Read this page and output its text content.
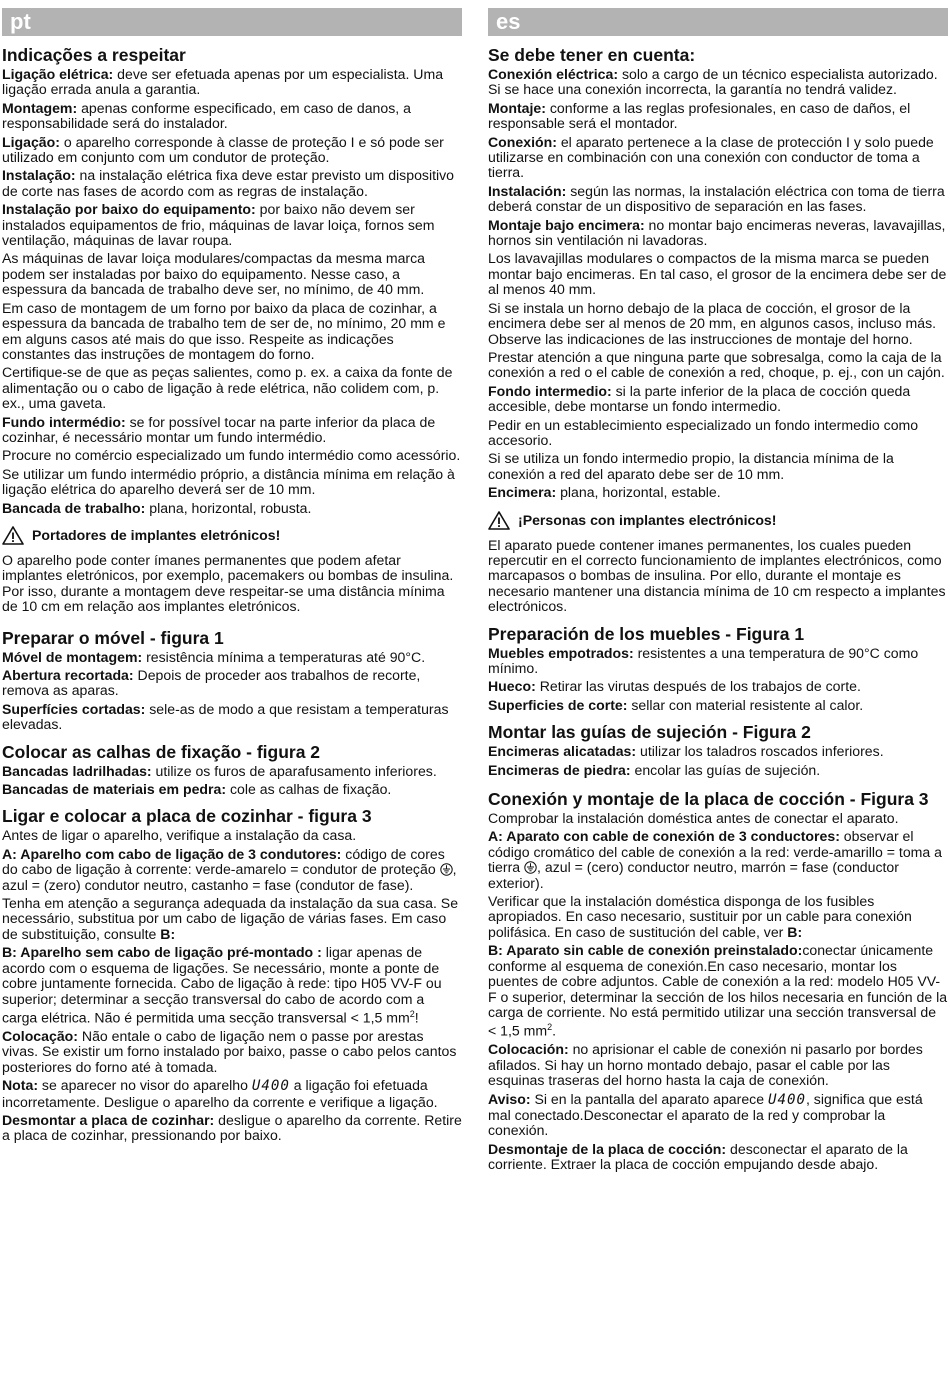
pt
Indicações a respeitar

Ligação elétrica: deve ser efetuada apenas por um especialista. Uma ligação errada anula a garantia.

Montagem: apenas conforme especificado, em caso de danos, a responsabilidade será do instalador.

Ligação: o aparelho corresponde à classe de proteção I e só pode ser utilizado em conjunto com um condutor de proteção.

Instalação: na instalação elétrica fixa deve estar previsto um dispositivo de corte nas fases de acordo com as regras de instalação.

Instalação por baixo do equipamento: por baixo não devem ser instalados equipamentos de frio, máquinas de lavar loiça, fornos sem ventilação, máquinas de lavar roupa.

As máquinas de lavar loiça modulares/compactas da mesma marca podem ser instaladas por baixo do equipamento. Nesse caso, a espessura da bancada de trabalho deve ser, no mínimo, de 40 mm.

Em caso de montagem de um forno por baixo da placa de cozinhar, a espessura da bancada de trabalho tem de ser de, no mínimo, 20 mm e em alguns casos até mais do que isso. Respeite as indicações constantes das instruções de montagem do forno.

Certifique-se de que as peças salientes, como p. ex. a caixa da fonte de alimentação ou o cabo de ligação à rede elétrica, não colidem com, p. ex., uma gaveta.

Fundo intermédio: se for possível tocar na parte inferior da placa de cozinhar, é necessário montar um fundo intermédio.

Procure no comércio especializado um fundo intermédio como acessório.

Se utilizar um fundo intermédio próprio, a distância mínima em relação à ligação elétrica do aparelho deverá ser de 10 mm.

Bancada de trabalho: plana, horizontal, robusta.

Portadores de implantes eletrónicos!

O aparelho pode conter ímanes permanentes que podem afetar implantes eletrónicos, por exemplo, pacemakers ou bombas de insulina. Por isso, durante a montagem deve respeitar-se uma distância mínima de 10 cm em relação aos implantes eletrónicos.

Preparar o móvel - figura 1

Móvel de montagem: resistência mínima a temperaturas até 90°C.

Abertura recortada: Depois de proceder aos trabalhos de recorte, remova as aparas.

Superfícies cortadas: sele-as de modo a que resistam a temperaturas elevadas.

Colocar as calhas de fixação - figura 2

Bancadas ladrilhadas: utilize os furos de aparafusamento inferiores.

Bancadas de materiais em pedra: cole as calhas de fixação.

Ligar e colocar a placa de cozinhar - figura 3

Antes de ligar o aparelho, verifique a instalação da casa.

A: Aparelho com cabo de ligação de 3 condutores: código de cores do cabo de ligação à corrente: verde-amarelo = condutor de proteção , azul = (zero) condutor neutro, castanho = fase (condutor de fase).

Tenha em atenção a segurança adequada da instalação da sua casa. Se necessário, substitua por um cabo de ligação de várias fases. Em caso de substituição, consulte B:

B: Aparelho sem cabo de ligação pré-montado : ligar apenas de acordo com o esquema de ligações. Se necessário, monte a ponte de cobre juntamente fornecida. Cabo de ligação à rede: tipo H05 VV-F ou superior; determinar a secção transversal do cabo de acordo com a carga elétrica. Não é permitida uma secção transversal < 1,5 $mm^2$!

Colocação: Não entale o cabo de ligação nem o passe por arestas vivas. Se existir um forno instalado por baixo, passe o cabo pelos cantos posteriores do forno até à tomada.

Nota: se aparecer no visor do aparelho U400 a ligação foi efetuada incorretamente. Desligue o aparelho da corrente e verifique a ligação.

Desmontar a placa de cozinhar: desligue o aparelho da corrente. Retire a placa de cozinhar, pressionando por baixo.

es
Se debe tener en cuenta:

Conexión eléctrica: solo a cargo de un técnico especialista autorizado. Si se hace una conexión incorrecta, la garantía no tendrá validez.

Montaje: conforme a las reglas profesionales, en caso de daños, el responsable será el montador.

Conexión: el aparato pertenece a la clase de protección I y solo puede utilizarse en combinación con una conexión con conductor de toma a tierra.

Instalación: según las normas, la instalación eléctrica con toma de tierra deberá constar de un dispositivo de separación en las fases.

Montaje bajo encimera: no montar bajo encimeras neveras, lavavajillas, hornos sin ventilación ni lavadoras.

Los lavavajillas modulares o compactos de la misma marca se pueden montar bajo encimeras. En tal caso, el grosor de la encimera debe ser de al menos 40 mm.

Si se instala un horno debajo de la placa de cocción, el grosor de la encimera debe ser al menos de 20 mm, en algunos casos, incluso más. Observe las indicaciones de las instrucciones de montaje del horno.

Prestar atención a que ninguna parte que sobresalga, como la caja de la conexión a red o el cable de conexión a red, choque, p. ej., con un cajón.

Fondo intermedio: si la parte inferior de la placa de cocción queda accesible, debe montarse un fondo intermedio.

Pedir en un establecimiento especializado un fondo intermedio como accesorio.

Si se utiliza un fondo intermedio propio, la distancia mínima de la conexión a red del aparato debe ser de 10 mm.

Encimera: plana, horizontal, estable.

¡Personas con implantes electrónicos!

El aparato puede contener imanes permanentes, los cuales pueden repercutir en el correcto funcionamiento de implantes electrónicos, como marcapasos o bombas de insulina. Por ello, durante el montaje es necesario mantener una distancia mínima de 10 cm respecto a implantes electrónicos.

Preparación de los muebles - Figura 1

Muebles empotrados: resistentes a una temperatura de 90°C como mínimo.

Hueco: Retirar las virutas después de los trabajos de corte.

Superficies de corte: sellar con material resistente al calor.

Montar las guías de sujeción - Figura 2

Encimeras alicatadas: utilizar los taladros roscados inferiores.

Encimeras de piedra: encolar las guías de sujeción.

Conexión y montaje de la placa de cocción - Figura 3

Comprobar la instalación doméstica antes de conectar el aparato.

A: Aparato con cable de conexión de 3 conductores: observar el código cromático del cable de conexión a la red: verde-amarillo = toma a tierra , azul = (cero) conductor neutro, marrón = fase (conductor exterior).

Verificar que la instalación doméstica disponga de los fusibles apropiados. En caso necesario, sustituir por un cable para conexión polifásica. En caso de sustitución del cable, ver B:

B: Aparato sin cable de conexión preinstalado:conectar únicamente conforme al esquema de conexión.En caso necesario, montar los puentes de cobre adjuntos. Cable de conexión a la red: modelo H05 VV-F o superior, determinar la sección de los hilos necesaria en función de la carga de corriente. No está permitido utilizar una sección transversal de < 1,5 $mm^2$.

Colocación: no aprisionar el cable de conexión ni pasarlo por bordes afilados. Si hay un horno montado debajo, pasar el cable por las esquinas traseras del horno hasta la caja de conexión.

Aviso: Si en la pantalla del aparato aparece U400, significa que está mal conectado.Desconectar el aparato de la red y comprobar la conexión.

Desmontaje de la placa de cocción: desconectar el aparato de la corriente. Extraer la placa de cocción empujando desde abajo.
